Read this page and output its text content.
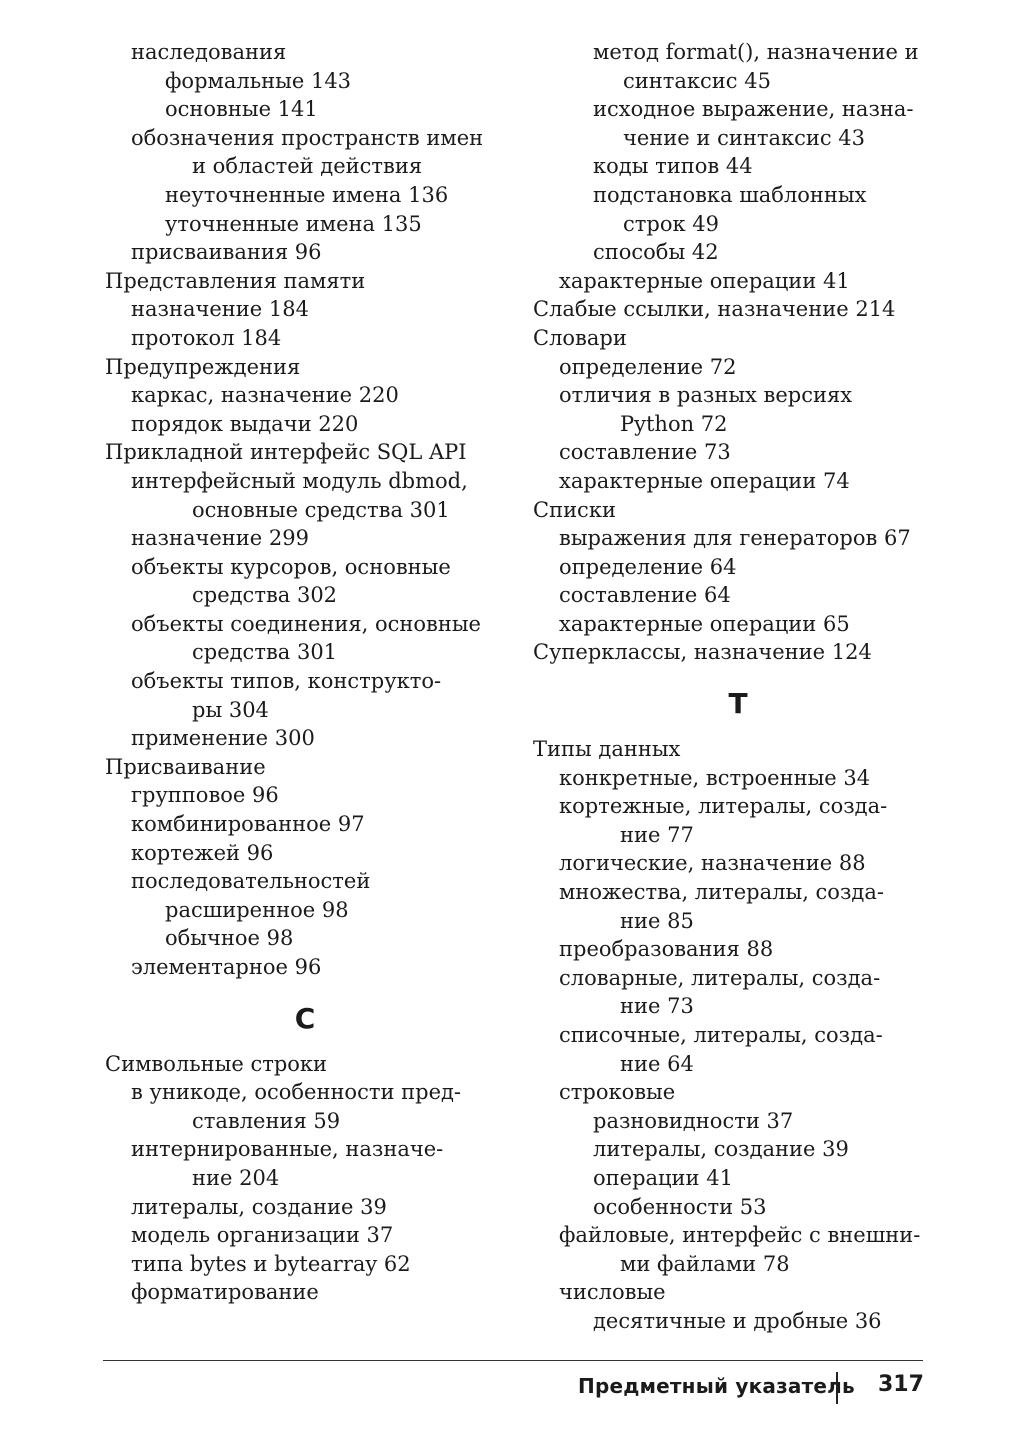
наследования
формальные 143
основные 141
обозначения пространств имен
и областей действия
неуточненные имена 136
уточненные имена 135
присваивания 96
Представления памяти
назначение 184
протокол 184
Предупреждения
каркас, назначение 220
порядок выдачи 220
Прикладной интерфейс SQL API
интерфейсный модуль dbmod,
основные средства 301
назначение 299
объекты курсоров, основные
средства 302
объекты соединения, основные
средства 301
объекты типов, конструкто-
ры 304
применение 300
Присваивание
групповое 96
комбинированное 97
кортежей 96
последовательностей
расширенное 98
обычное 98
элементарное 96
С
Символьные строки
в уникоде, особенности пред-
ставления 59
интернированные, назначе-
ние 204
литералы, создание 39
модель организации 37
типа bytes и bytearray 62
форматирование
метод format(), назначение и
синтаксис 45
исходное выражение, назна-
чение и синтаксис 43
коды типов 44
подстановка шаблонных
строк 49
способы 42
характерные операции 41
Слабые ссылки, назначение 214
Словари
определение 72
отличия в разных версиях
Python 72
составление 73
характерные операции 74
Списки
выражения для генераторов 67
определение 64
составление 64
характерные операции 65
Суперклассы, назначение 124
Т
Типы данных
конкретные, встроенные 34
кортежные, литералы, созда-
ние 77
логические, назначение 88
множества, литералы, созда-
ние 85
преобразования 88
словарные, литералы, созда-
ние 73
списочные, литералы, созда-
ние 64
строковые
разновидности 37
литералы, создание 39
операции 41
особенности 53
файловые, интерфейс с внешни-
ми файлами 78
числовые
десятичные и дробные 36
Предметный указатель 317
